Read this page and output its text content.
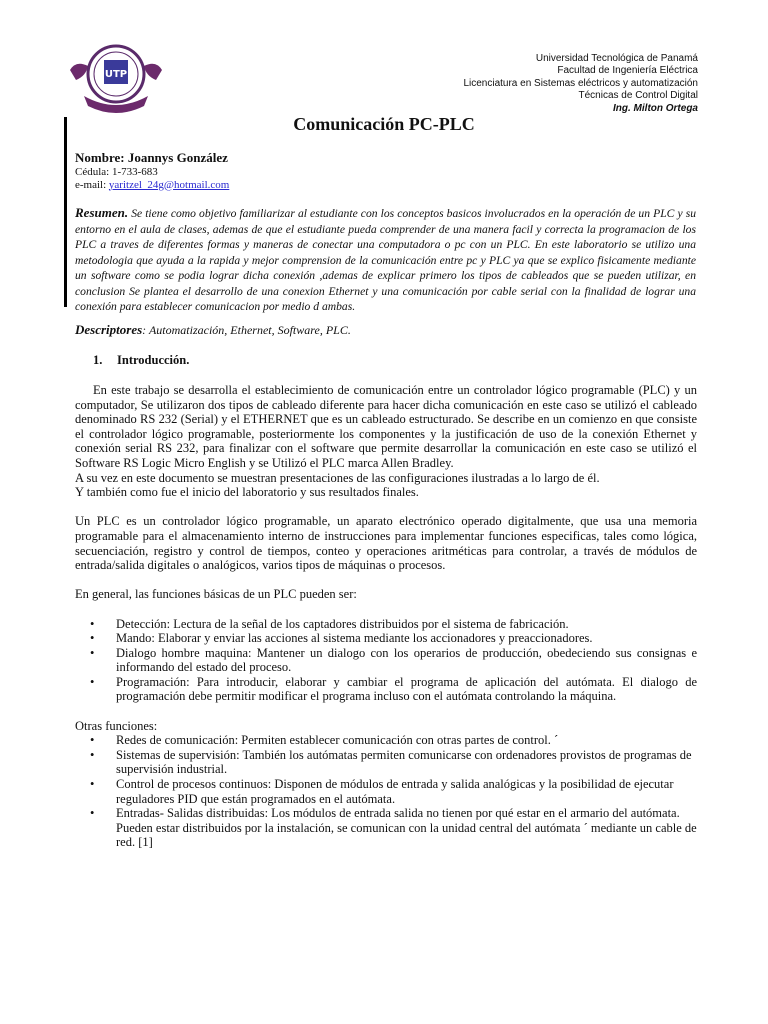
UTP
Universidad Tecnológica de Panamá
Facultad de Ingeniería Eléctrica
Licenciatura en Sistemas eléctricos y automatización
Técnicas de Control Digital
Ing. Milton Ortega
Comunicación PC-PLC
Nombre: Joannys González
Cédula: 1-733-683
e-mail: yaritzel_24g@hotmail.com
Resumen. Se tiene como objetivo familiarizar al estudiante con los conceptos basicos involucrados en la operación de un PLC y su entorno en el aula de clases, ademas de que el estudiante pueda comprender de una manera facil y correcta la programacion de los PLC a traves de diferentes formas y maneras de conectar una computadora o pc con un PLC. En este laboratorio se utilizo una metodologia que ayuda a la rapida y mejor comprension de la comunicación entre pc y PLC ya que se explico fisicamente mediante un software como se podia lograr dicha conexión ,ademas de explicar primero los tipos de cableados que se pueden utilizar, en conclusion Se plantea el desarrollo de una conexion Ethernet y una comunicación por cable serial con la finalidad de lograr una conexión para establecer comunicacion por medio d ambas.
Descriptores: Automatización, Ethernet, Software, PLC.
1. Introducción.

En este trabajo se desarrolla el establecimiento de comunicación entre un controlador lógico programable (PLC) y un computador, Se utilizaron dos tipos de cableado diferente para hacer dicha comunicación en este caso se utilizó el cableado denominado RS 232 (Serial) y el ETHERNET que es un cableado estructurado. Se describe en un comienzo en que consiste el controlador lógico programable, posteriormente los componentes y la justificación de uso de la conexión Ethernet y conexión serial RS 232, para finalizar con el software que permite desarrollar la comunicación en este caso se utilizó el Software RS Logic Micro English y se Utilizó el PLC marca Allen Bradley.

A su vez en este documento se muestran presentaciones de las configuraciones ilustradas a lo largo de él.

Y también como fue el inicio del laboratorio y sus resultados finales.

Un PLC es un controlador lógico programable, un aparato electrónico operado digitalmente, que usa una memoria programable para el almacenamiento interno de instrucciones para implementar funciones especificas, tales como lógica, secuenciación, registro y control de tiempos, conteo y operaciones aritméticas para controlar, a través de módulos de entrada/salida digitales o analógicos, varios tipos de máquinas o procesos.

En general, las funciones básicas de un PLC pueden ser:

• Detección: Lectura de la señal de los captadores distribuidos por el sistema de fabricación.
• Mando: Elaborar y enviar las acciones al sistema mediante los accionadores y preaccionadores.
• Dialogo hombre maquina: Mantener un dialogo con los operarios de producción, obedeciendo sus consignas e informando del estado del proceso.
• Programación: Para introducir, elaborar y cambiar el programa de aplicación del autómata. El dialogo de programación debe permitir modificar el programa incluso con el autómata controlando la máquina.

Otras funciones:

• Redes de comunicación: Permiten establecer comunicación con otras partes de control. ´
• Sistemas de supervisión: También los autómatas permiten comunicarse con ordenadores provistos de programas de supervisión industrial.
• Control de procesos continuos: Disponen de módulos de entrada y salida analógicas y la posibilidad de ejecutar reguladores PID que están programados en el autómata.
• Entradas- Salidas distribuidas: Los módulos de entrada salida no tienen por qué estar en el armario del autómata. Pueden estar distribuidos por la instalación, se comunican con la unidad central del autómata ´ mediante un cable de red. [1]
